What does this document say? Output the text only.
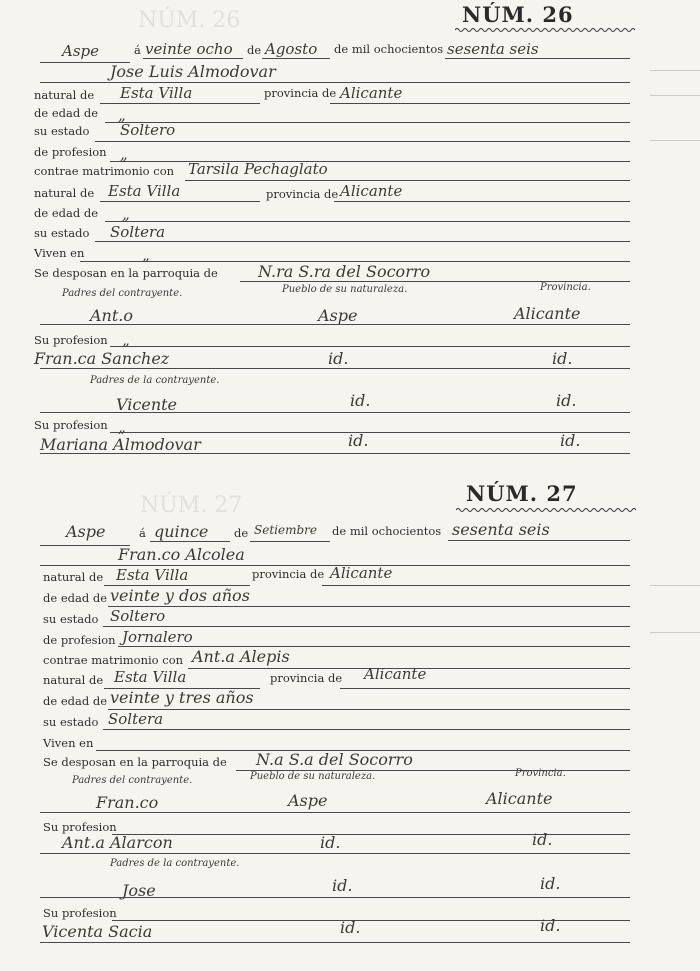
NÚM. 26
NÚM. 27
NÚM. 26
Aspe	á veinte ocho de Agosto de mil ochocientos sesenta seis
Jose Luis Almodovar
natural de Esta Villa	provincia de Alicante
de edad de „
su estado Soltero
de profesion „
contrae matrimonio con Tarsila Pechaglato
natural de Esta Villa	provincia de Alicante
de edad de „
su estado Soltera
Viven en	„
Se desposan en la parroquia de	N.ra S.ra del Socorro
Padres del contrayente.	Pueblo de su naturaleza.	Provincia.
Ant.o	Aspe	Alicante
Su profesion „
Fran.ca Sanchez	id.	id.
Padres de la contrayente.
Vicente	id.	id.
Su profesion „
Mariana Almodovar	id.	id.
NÚM. 27
Aspe	á quince de Setiembre de mil ochocientos sesenta seis
Fran.co Alcolea
natural de Esta Villa	provincia de Alicante
de edad de veinte y dos años
su estado Soltero
de profesion Jornalero
contrae matrimonio con Ant.a Alepis
natural de Esta Villa	provincia de Alicante
de edad de veinte y tres años
su estado Soltera
Viven en
Se desposan en la parroquia de N.a S.a del Socorro
Padres del contrayente.	Pueblo de su naturaleza.	Provincia.
Fran.co	Aspe	Alicante
Su profesion
Ant.a Alarcon	id.	id.
Padres de la contrayente.
Jose	id.	id.
Su profesion
Vicenta Sacia	id.	id.
